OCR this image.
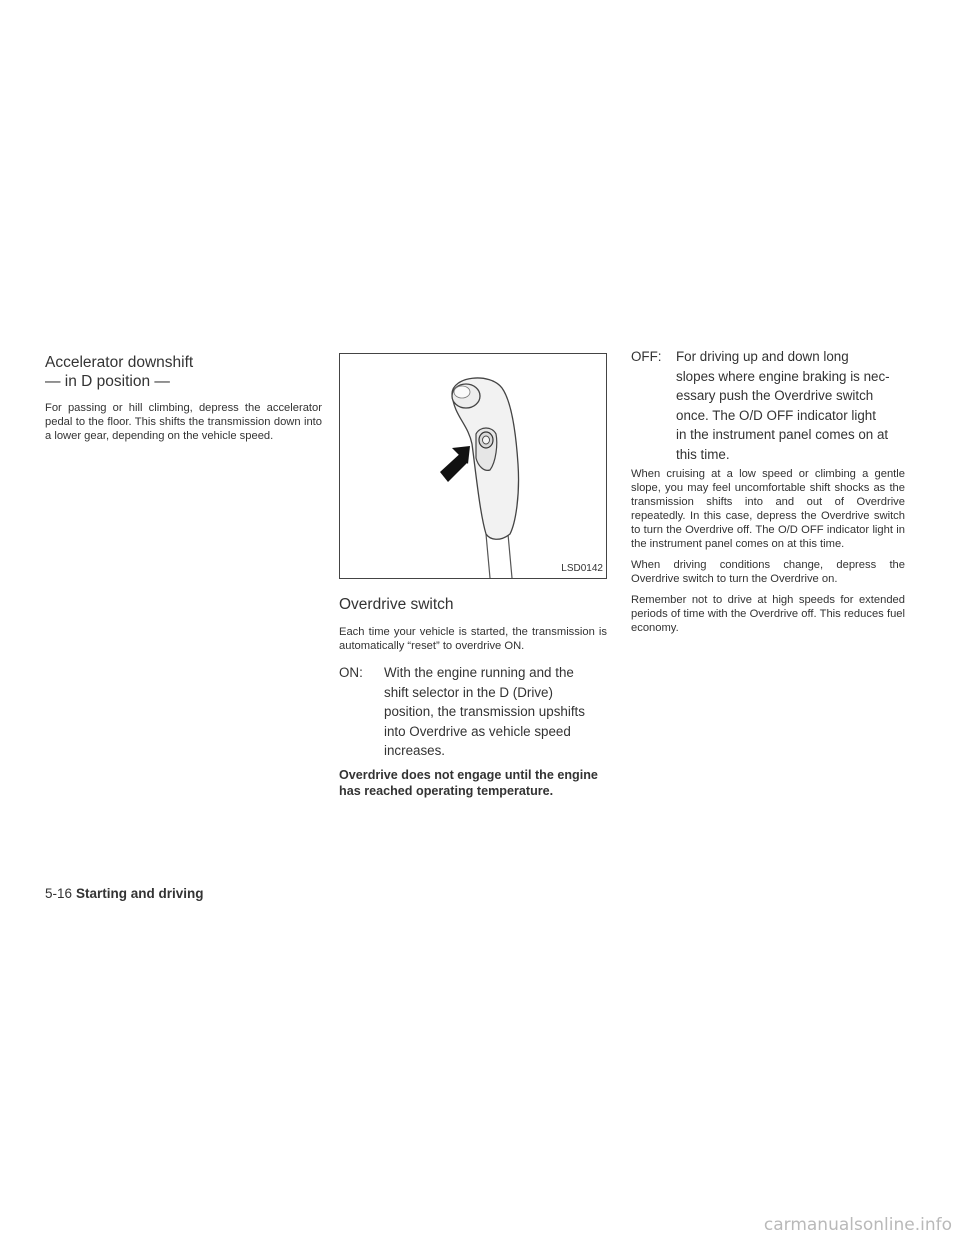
Accelerator downshift
— in D position —

For passing or hill climbing, depress the accelerator pedal to the floor. This shifts the transmission down into a lower gear, depending on the vehicle speed.

LSD0142
Overdrive switch

Each time your vehicle is started, the transmission is automatically “reset” to overdrive ON.

ON:	With the engine running and the
shift selector in the D (Drive)
position, the transmission upshifts
into Overdrive as vehicle speed
increases.
Overdrive does not engage until the engine has reached operating temperature.
OFF:	For driving up and down long
slopes where engine braking is nec-
essary push the Overdrive switch
once. The O/D OFF indicator light
in the instrument panel comes on at
this time.

When cruising at a low speed or climbing a gentle slope, you may feel uncomfortable shift shocks as the transmission shifts into and out of Overdrive repeatedly. In this case, depress the Overdrive switch to turn the Overdrive off. The O/D OFF indicator light in the instrument panel comes on at this time.

When driving conditions change, depress the Overdrive switch to turn the Overdrive on.

Remember not to drive at high speeds for extended periods of time with the Overdrive off. This reduces fuel economy.

5-16 Starting and driving
carmanualsonline.info
